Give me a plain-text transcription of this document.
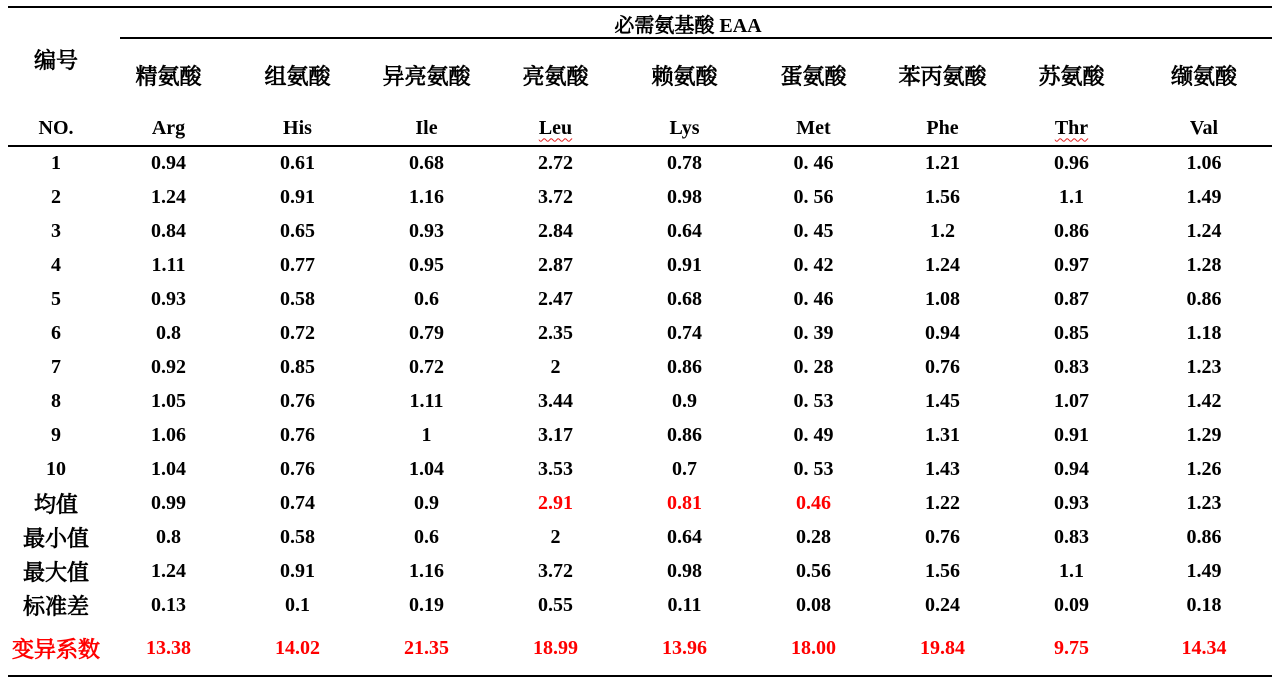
编号	必需氨基酸 EAA								
	精氨酸	组氨酸	异亮氨酸	亮氨酸	赖氨酸	蛋氨酸	苯丙氨酸	苏氨酸	缬氨酸
NO.	Arg	His	Ile	Leu	Lys	Met	Phe	Thr	Val
1	0.94	0.61	0.68	2.72	0.78	0. 46	1.21	0.96	1.06
2	1.24	0.91	1.16	3.72	0.98	0. 56	1.56	1.1	1.49
3	0.84	0.65	0.93	2.84	0.64	0. 45	1.2	0.86	1.24
4	1.11	0.77	0.95	2.87	0.91	0. 42	1.24	0.97	1.28
5	0.93	0.58	0.6	2.47	0.68	0. 46	1.08	0.87	0.86
6	0.8	0.72	0.79	2.35	0.74	0. 39	0.94	0.85	1.18
7	0.92	0.85	0.72	2	0.86	0. 28	0.76	0.83	1.23
8	1.05	0.76	1.11	3.44	0.9	0. 53	1.45	1.07	1.42
9	1.06	0.76	1	3.17	0.86	0. 49	1.31	0.91	1.29
10	1.04	0.76	1.04	3.53	0.7	0. 53	1.43	0.94	1.26
均值	0.99	0.74	0.9	2.91	0.81	0.46	1.22	0.93	1.23
最小值	0.8	0.58	0.6	2	0.64	0.28	0.76	0.83	0.86
最大值	1.24	0.91	1.16	3.72	0.98	0.56	1.56	1.1	1.49
标准差	0.13	0.1	0.19	0.55	0.11	0.08	0.24	0.09	0.18
变异系数	13.38	14.02	21.35	18.99	13.96	18.00	19.84	9.75	14.34
